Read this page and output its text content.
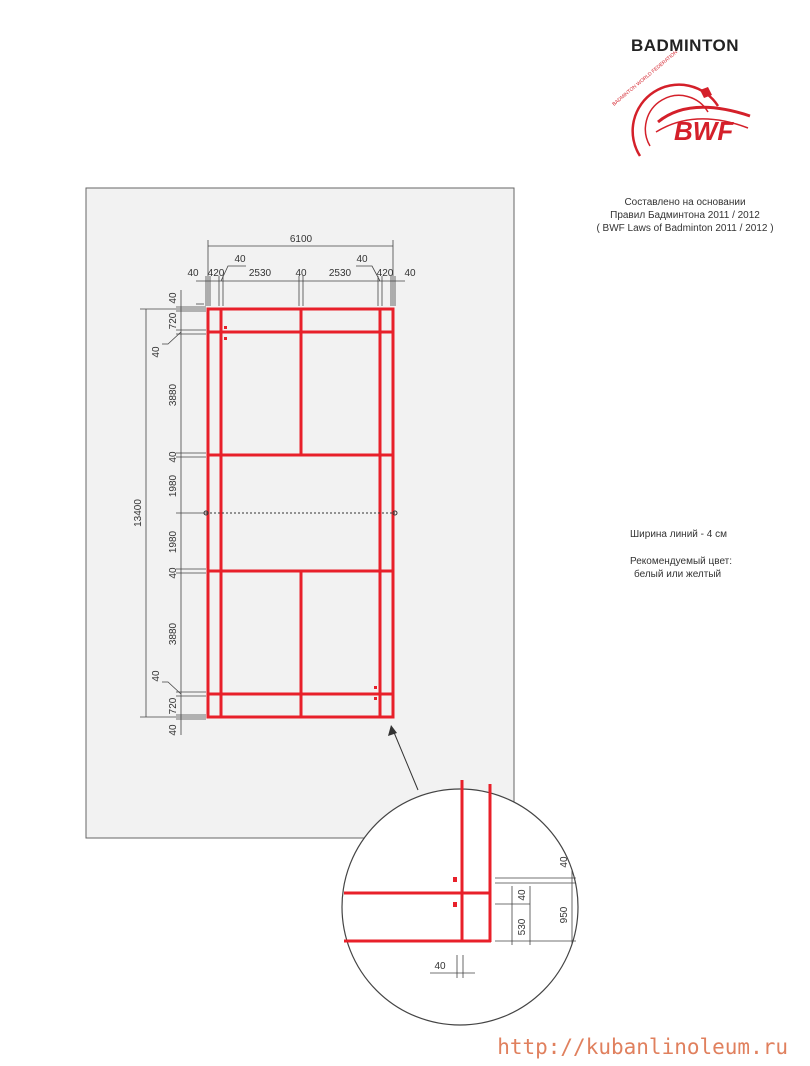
BADMINTON
BWF
BADMINTON WORLD FEDERATION
Составлено на основании
Правил Бадминтона 2011 / 2012
( BWF Laws of Badminton 2011 / 2012 )
Ширина линий - 4 см
Рекомендуемый цвет:
белый или желтый
6100
40 420
40
2530 40 2530
40
420 40
13400
40
720
40
3880
40
1980
1980
40
3880
40
720
40
40
40
950
530
40
http://kubanlinoleum.ru
